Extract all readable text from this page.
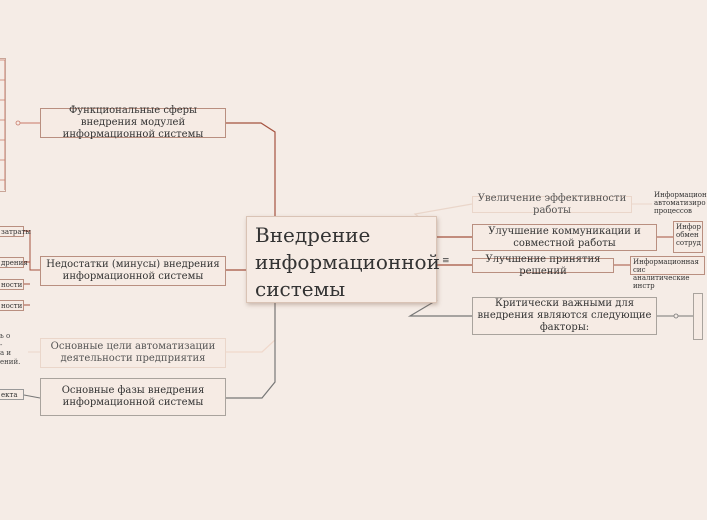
затраты
дрения
ности
ности
екта
ь о
-
а и
ений.
Функциональные сферы внедрения модулей информационной системы
Недостатки (минусы) внедрения информационной системы
Основные цели автоматизации деятельности предприятия
Основные фазы внедрения информационной системы
Внедрение информационной системы
≡
Увеличение эффективности работы
Улучшение коммуникации и совместной работы
Улучшение принятия решений
Критически важными для внедрения являются следующие факторы:
Информацион автоматизиро процессов
Инфор обмен сотруд
Информационная сис аналитические инстр
